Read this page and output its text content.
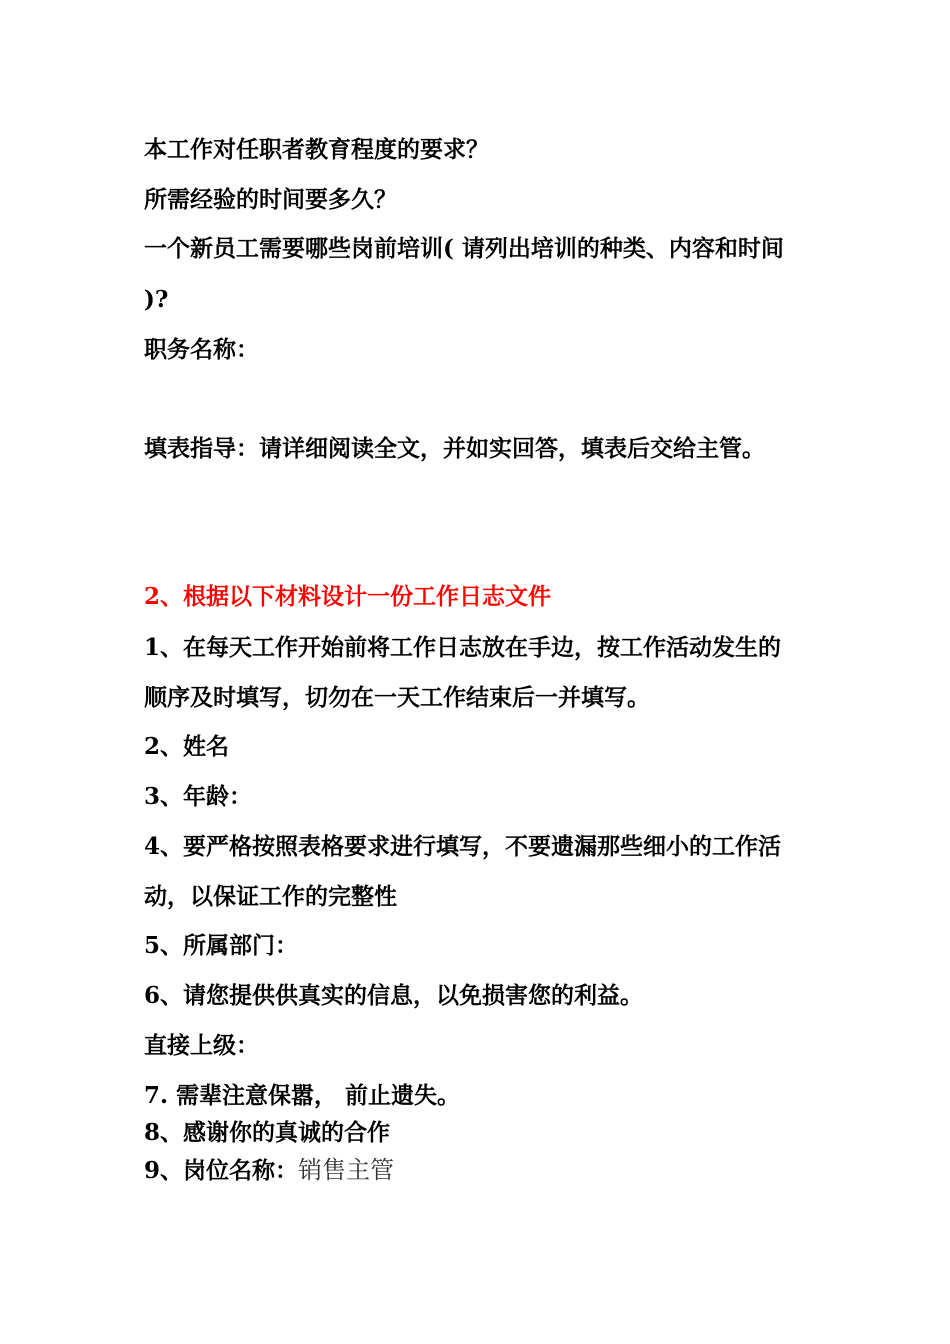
本工作对任职者教育程度的要求？
所需经验的时间要多久？
一个新员工需要哪些岗前培训( 请列出培训的种类、内容和时间
)?
职务名称：
填表指导：请详细阅读全文，并如实回答，填表后交给主管。
2、根据以下材料设计一份工作日志文件
1、在每天工作开始前将工作日志放在手边，按工作活动发生的
顺序及时填写，切勿在一天工作结束后一并填写。
2、姓名
3、年龄：
4、要严格按照表格要求进行填写，不要遗漏那些细小的工作活
动，以保证工作的完整性
5、所属部门：
6、请您提供供真实的信息，以免损害您的利益。
直接上级：
7. 需辈注意保嚣， 前止遗失。
8、感谢你的真诚的合作
9、岗位名称：销售主管
